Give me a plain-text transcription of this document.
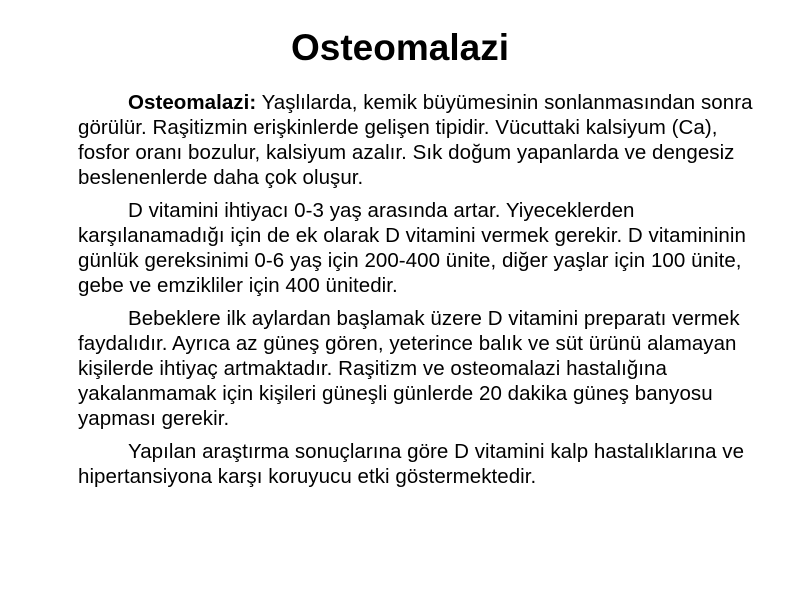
Osteomalazi

Osteomalazi: Yaşlılarda, kemik büyümesinin sonlanmasından sonra görülür. Raşitizmin erişkinlerde gelişen tipidir. Vücuttaki kalsiyum (Ca), fosfor oranı bozulur, kalsiyum azalır. Sık doğum yapanlarda ve dengesiz beslenenlerde daha çok oluşur.

D vitamini ihtiyacı 0-3 yaş arasında artar. Yiyeceklerden karşılanamadığı için de ek olarak D vitamini vermek gerekir. D vitamininin günlük gereksinimi 0-6 yaş için 200-400 ünite, diğer yaşlar için 100 ünite, gebe ve emzikliler için 400 ünitedir.

Bebeklere ilk aylardan başlamak üzere D vitamini preparatı vermek faydalıdır. Ayrıca az güneş gören, yeterince balık ve süt ürünü alamayan kişilerde ihtiyaç artmaktadır. Raşitizm ve osteomalazi hastalığına yakalanmamak için kişileri güneşli günlerde 20 dakika güneş banyosu yapması gerekir.

Yapılan araştırma sonuçlarına göre D vitamini kalp hastalıklarına ve hipertansiyona karşı koruyucu etki göstermektedir.
